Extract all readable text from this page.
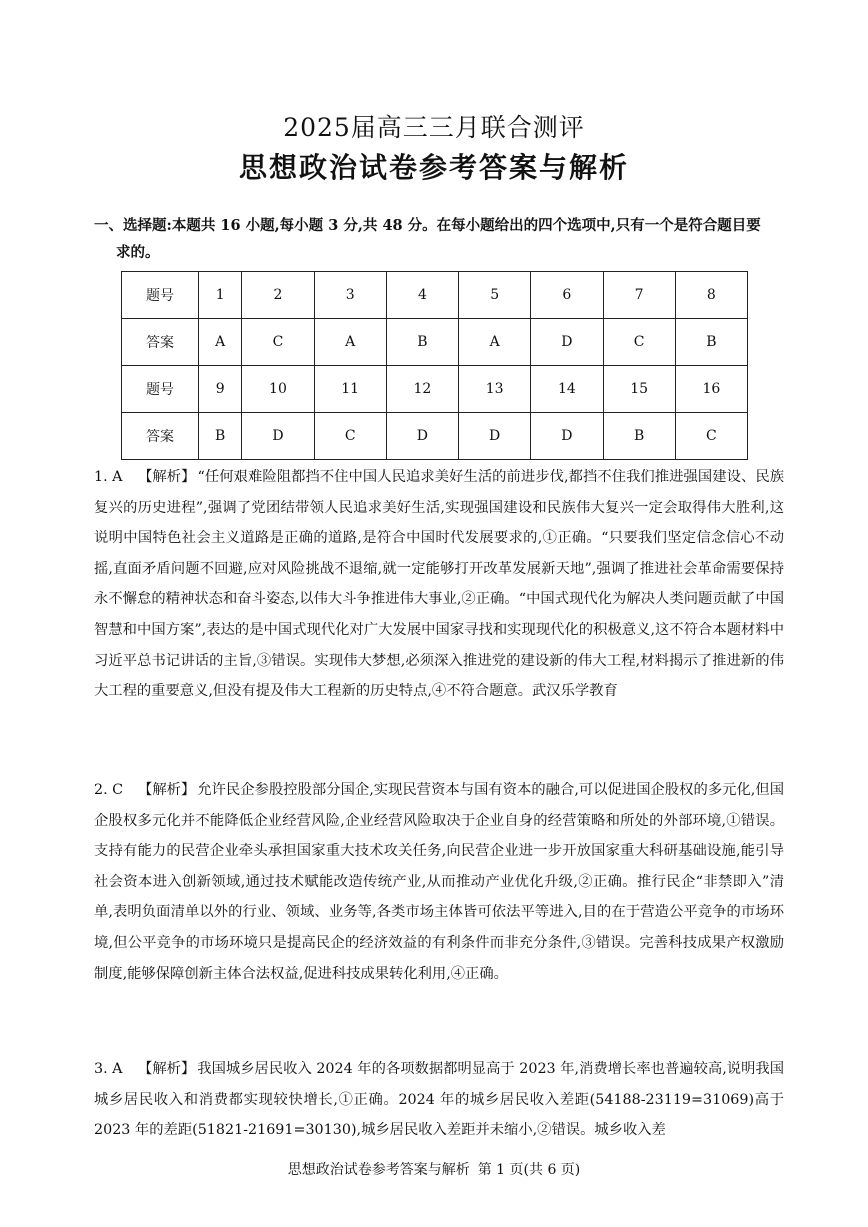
2025届高三三月联合测评
思想政治试卷参考答案与解析
一、选择题:本题共 16 小题,每小题 3 分,共 48 分。在每小题给出的四个选项中,只有一个是符合题目要
求的。
题号	1	2	3	4	5	6	7	8
答案	A	C	A	B	A	D	C	B
题号	9	10	11	12	13	14	15	16
答案	B	D	C	D	D	D	B	C
1. A 【解析】 “任何艰难险阻都挡不住中国人民追求美好生活的前进步伐,都挡不住我们推进强国建设、民族复兴的历史进程”,强调了党团结带领人民追求美好生活,实现强国建设和民族伟大复兴一定会取得伟大胜利,这说明中国特色社会主义道路是正确的道路,是符合中国时代发展要求的,①正确。“只要我们坚定信念信心不动摇,直面矛盾问题不回避,应对风险挑战不退缩,就一定能够打开改革发展新天地”,强调了推进社会革命需要保持永不懈怠的精神状态和奋斗姿态,以伟大斗争推进伟大事业,②正确。“中国式现代化为解决人类问题贡献了中国智慧和中国方案”,表达的是中国式现代化对广大发展中国家寻找和实现现代化的积极意义,这不符合本题材料中习近平总书记讲话的主旨,③错误。实现伟大梦想,必须深入推进党的建设新的伟大工程,材料揭示了推进新的伟大工程的重要意义,但没有提及伟大工程新的历史特点,④不符合题意。武汉乐学教育
2. C 【解析】 允许民企参股控股部分国企,实现民营资本与国有资本的融合,可以促进国企股权的多元化,但国企股权多元化并不能降低企业经营风险,企业经营风险取决于企业自身的经营策略和所处的外部环境,①错误。支持有能力的民营企业牵头承担国家重大技术攻关任务,向民营企业进一步开放国家重大科研基础设施,能引导社会资本进入创新领域,通过技术赋能改造传统产业,从而推动产业优化升级,②正确。推行民企“非禁即入”清单,表明负面清单以外的行业、领域、业务等,各类市场主体皆可依法平等进入,目的在于营造公平竞争的市场环境,但公平竞争的市场环境只是提高民企的经济效益的有利条件而非充分条件,③错误。完善科技成果产权激励制度,能够保障创新主体合法权益,促进科技成果转化利用,④正确。
3. A 【解析】 我国城乡居民收入 2024 年的各项数据都明显高于 2023 年,消费增长率也普遍较高,说明我国城乡居民收入和消费都实现较快增长,①正确。2024 年的城乡居民收入差距(54188-23119=31069)高于 2023 年的差距(51821-21691=30130),城乡居民收入差距并未缩小,②错误。城乡收入差
思想政治试卷参考答案与解析 第 1 页(共 6 页)
